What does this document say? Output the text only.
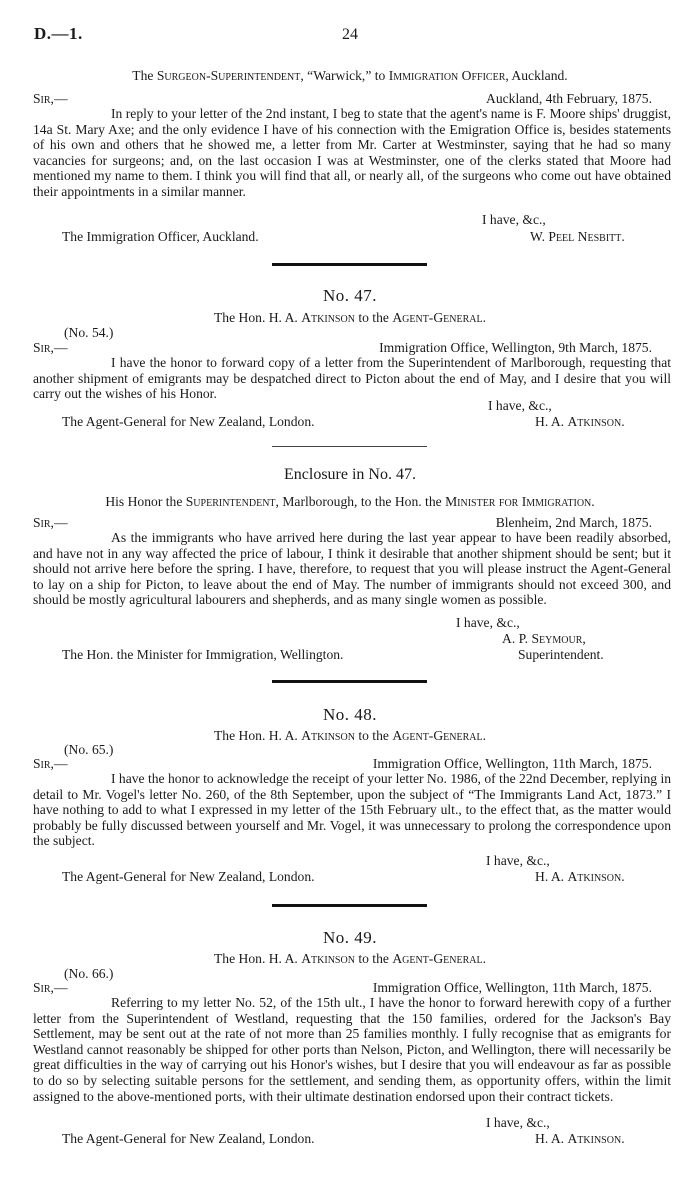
D.—1.	24
The Surgeon-Superintendent, “Warwick,” to Immigration Officer, Auckland.
Sir,—	Auckland, 4th February, 1875.

In reply to your letter of the 2nd instant, I beg to state that the agent's name is F. Moore ships' druggist, 14a St. Mary Axe; and the only evidence I have of his connection with the Emigration Office is, besides statements of his own and others that he showed me, a letter from Mr. Carter at Westminster, saying that he had so many vacancies for surgeons; and, on the last occasion I was at Westminster, one of the clerks stated that Moore had mentioned my name to them. I think you will find that all, or nearly all, of the surgeons who come out have obtained their appointments in a similar manner.

I have, &c.,
The Immigration Officer, Auckland.	W. Peel Nesbitt.
No. 47.
The Hon. H. A. Atkinson to the Agent-General.
(No. 54.)
Sir,—	Immigration Office, Wellington, 9th March, 1875.

I have the honor to forward copy of a letter from the Superintendent of Marlborough, requesting that another shipment of emigrants may be despatched direct to Picton about the end of May, and I desire that you will carry out the wishes of his Honor.

I have, &c.,
The Agent-General for New Zealand, London.	H. A. Atkinson.
Enclosure in No. 47.
His Honor the Superintendent, Marlborough, to the Hon. the Minister for Immigration.
Sir,—	Blenheim, 2nd March, 1875.

As the immigrants who have arrived here during the last year appear to have been readily absorbed, and have not in any way affected the price of labour, I think it desirable that another shipment should be sent; but it should not arrive here before the spring. I have, therefore, to request that you will please instruct the Agent-General to lay on a ship for Picton, to leave about the end of May. The number of immigrants should not exceed 300, and should be mostly agricultural labourers and shepherds, and as many single women as possible.

I have, &c.,
A. P. Seymour,
The Hon. the Minister for Immigration, Wellington.	Superintendent.
No. 48.
The Hon. H. A. Atkinson to the Agent-General.
(No. 65.)
Sir,—	Immigration Office, Wellington, 11th March, 1875.

I have the honor to acknowledge the receipt of your letter No. 1986, of the 22nd December, replying in detail to Mr. Vogel's letter No. 260, of the 8th September, upon the subject of “The Immigrants Land Act, 1873.” I have nothing to add to what I expressed in my letter of the 15th February ult., to the effect that, as the matter would probably be fully discussed between yourself and Mr. Vogel, it was unnecessary to prolong the correspondence upon the subject.

I have, &c.,
The Agent-General for New Zealand, London.	H. A. Atkinson.
No. 49.
The Hon. H. A. Atkinson to the Agent-General.
(No. 66.)
Sir,—	Immigration Office, Wellington, 11th March, 1875.

Referring to my letter No. 52, of the 15th ult., I have the honor to forward herewith copy of a further letter from the Superintendent of Westland, requesting that the 150 families, ordered for the Jackson's Bay Settlement, may be sent out at the rate of not more than 25 families monthly. I fully recognise that as emigrants for Westland cannot reasonably be shipped for other ports than Nelson, Picton, and Wellington, there will necessarily be great difficulties in the way of carrying out his Honor's wishes, but I desire that you will endeavour as far as possible to do so by selecting suitable persons for the settlement, and sending them, as opportunity offers, within the limit assigned to the above-mentioned ports, with their ultimate destination endorsed upon their contract tickets.

I have, &c.,
The Agent-General for New Zealand, London.	H. A. Atkinson.
